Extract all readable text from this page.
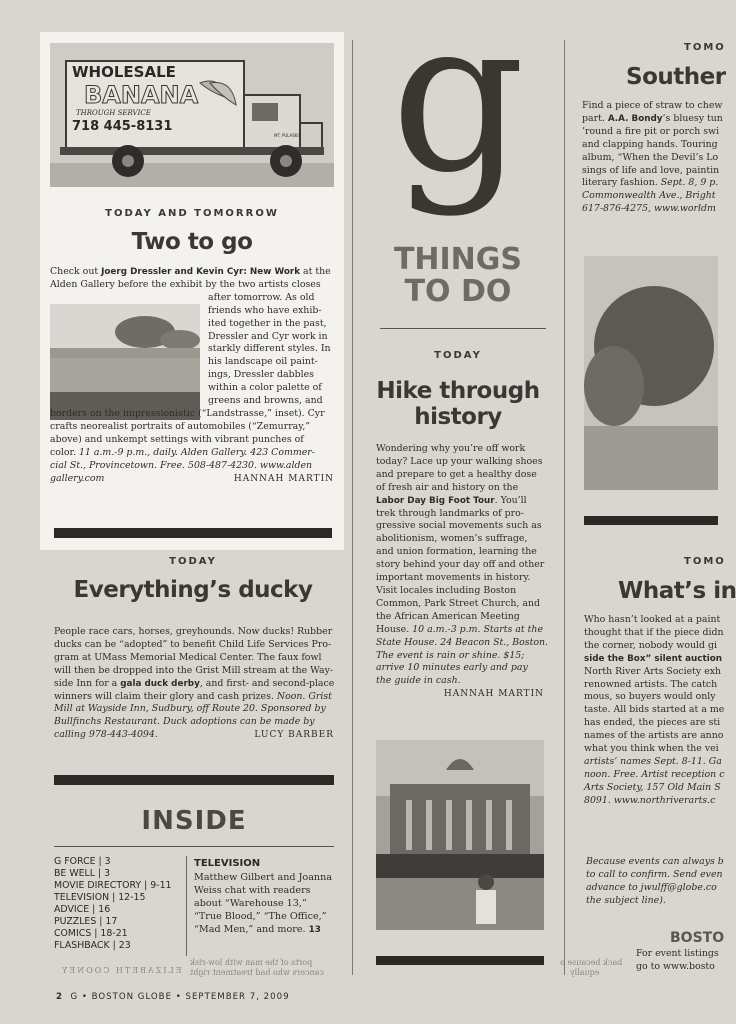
WHOLESALE
BANANA
THROUGH SERVICE
718 445-8131
MT. PULASKI
TODAY AND TOMORROW
Two to go
Check out Joerg Dressler and Kevin Cyr: New Work at the
Alden Gallery before the exhibit by the two artists closes
after tomorrow. As old
friends who have exhib-
ited together in the past,
Dressler and Cyr work in
starkly different styles. In
his landscape oil paint-
ings, Dressler dabbles
within a color palette of
greens and browns, and
borders on the impressionistic (“Landstrasse,” inset). Cyr
crafts neorealist portraits of automobiles (“Zemurray,”
above) and unkempt settings with vibrant punches of
color. 11 a.m.-9 p.m., daily. Alden Gallery. 423 Commer-
cial St., Provincetown. Free. 508-487-4230. www.alden
gallery.com	HANNAH MARTIN
TODAY
Everything’s ducky
People race cars, horses, greyhounds. Now ducks! Rubber
ducks can be “adopted” to benefit Child Life Services Pro-
gram at UMass Memorial Medical Center. The faux fowl
will then be dropped into the Grist Mill stream at the Way-
side Inn for a gala duck derby, and first- and second-place
winners will claim their glory and cash prizes. Noon. Grist
Mill at Wayside Inn, Sudbury, off Route 20. Sponsored by
Bullfinchs Restaurant. Duck adoptions can be made by
calling 978-443-4094.	LUCY BARBER
INSIDE
G FORCE | 3
BE WELL | 3
MOVIE DIRECTORY | 9-11
TELEVISION | 12-15
ADVICE | 16
PUZZLES | 17
COMICS | 18-21
FLASHBACK | 23
TELEVISION
Matthew Gilbert and Joanna
Weiss chat with readers
about “Warehouse 13,”
“True Blood,” “The Office,”
“Mad Men,” and more. 13
g
THINGS
TO DO
TODAY
Hike through
history
Wondering why you’re off work
today? Lace up your walking shoes
and prepare to get a healthy dose
of fresh air and history on the
Labor Day Big Foot Tour. You’ll
trek through landmarks of pro-
gressive social movements such as
abolitionism, women’s suffrage,
and union formation, learning the
story behind your day off and other
important movements in history.
Visit locales including Boston
Common, Park Street Church, and
the African American Meeting
House. 10 a.m.-3 p.m. Starts at the
State House. 24 Beacon St., Boston.
The event is rain or shine. $15;
arrive 10 minutes early and pay
the guide in cash.
HANNAH MARTIN
TOMO
Souther
Find a piece of straw to chew
part. A.A. Bondy’s bluesy tun
’round a fire pit or porch swi
and clapping hands. Touring
album, “When the Devil’s Lo
sings of life and love, paintin
literary fashion. Sept. 8, 9 p.
Commonwealth Ave., Bright
617-876-4275, www.worldm
TOMO
What’s in
Who hasn’t looked at a paint
thought that if the piece didn
the corner, nobody would gi
side the Box” silent auction
North River Arts Society exh
renowned artists. The catch
mous, so buyers would only
taste. All bids started at a me
has ended, the pieces are sti
names of the artists are anno
what you think when the vei
artists’ names Sept. 8-11. Ga
noon. Free. Artist reception c
Arts Society, 157 Old Main S
8091. www.northriverarts.c
Because events can always b
to call to confirm. Send even
advance to jwulff@globe.co
the subject line).
BOSTO
For event listings
go to www.bosto
ELIZABETH COONEY
ports of the man with low-risk
cancers who had treatment right
back because o
equally
2 G • BOSTON GLOBE • SEPTEMBER 7, 2009
